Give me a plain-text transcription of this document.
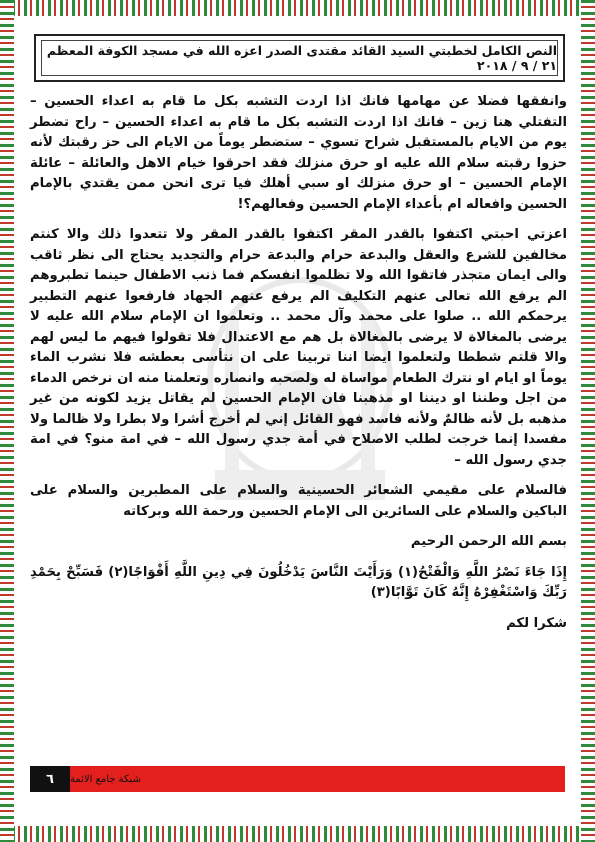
النص الكامل لخطبتي السيد القائد مقتدى الصدر اعزه الله في مسجد الكوفة المعظم ٢١ / ٩ / ٢٠١٨

وانفقها فضلا عن مهامها فانك اذا اردت التشبه بكل ما قام به اعداء الحسين – التفتلي هنا زين – فانك اذا اردت التشبه بكل ما قام به اعداء الحسين – راح تضطر يوم من الايام بالمستقبل شراح تسوي – ستضطر يوماً من الايام الى حز رقبتك لأنه حزوا رقبته سلام الله عليه او حرق منزلك فقد احرقوا خيام الاهل والعائلة – عائلة الإمام الحسين – او حرق منزلك او سبي أهلك فيا ترى انحن ممن يقتدي بالإمام الحسين وافعاله ام بأعداء الإمام الحسين وفعالهم؟!

اعزتي احبتي اكتفوا بالقدر المقر اكتفوا بالقدر المقر ولا تتعدوا ذلك والا كنتم مخالفين للشرع والعقل والبدعة حرام والبدعة حرام والتجديد يحتاج الى نظر ثاقب والى ايمان متجذر فاتقوا الله ولا تظلموا انفسكم فما ذنب الاطفال حينما تطبروهم الم يرفع الله تعالى عنهم التكليف الم يرفع عنهم الجهاد فارفعوا عنهم التطبير يرحمكم الله .. صلوا على محمد وآل محمد .. وتعلموا ان الإمام سلام الله عليه لا يرضى بالمغالاة لا يرضى بالمغالاة بل هم مع الاعتدال فلا تقولوا فيهم ما ليس لهم والا قلتم شططا ولتعلموا ايضا اننا تربينا على ان نتأسى بعطشه فلا نشرب الماء يوماً او ايام او نترك الطعام مواساة له ولصحبه وانصاره وتعلمنا منه ان نرخص الدماء من اجل وطننا او ديننا او مذهبنا فان الإمام الحسين لم يقاتل يزيد لكونه من غير مذهبه بل لأنه ظالمٌ ولأنه فاسد فهو القائل إني لم أخرج أشرا ولا بطرا ولا ظالما ولا مفسدا إنما خرجت لطلب الاصلاح في أمة جدي رسول الله – في امة منو؟ في امة جدي رسول الله –

فالسلام على مقيمي الشعائر الحسينية والسلام على المطبرين والسلام على الباكين والسلام على السائرين الى الإمام الحسين ورحمة الله وبركاته

بسم الله الرحمن الرحيم

إِذَا جَاءَ نَصْرُ اللَّهِ وَالْفَتْحُ(١) وَرَأَيْتَ النَّاسَ يَدْخُلُونَ فِي دِينِ اللَّهِ أَفْوَاجًا(٢) فَسَبِّحْ بِحَمْدِ رَبِّكَ وَاسْتَغْفِرْهُ إِنَّهُ كَانَ تَوَّابًا(٣)

شكرا لكم

٦	شبكة جامع الائمة
